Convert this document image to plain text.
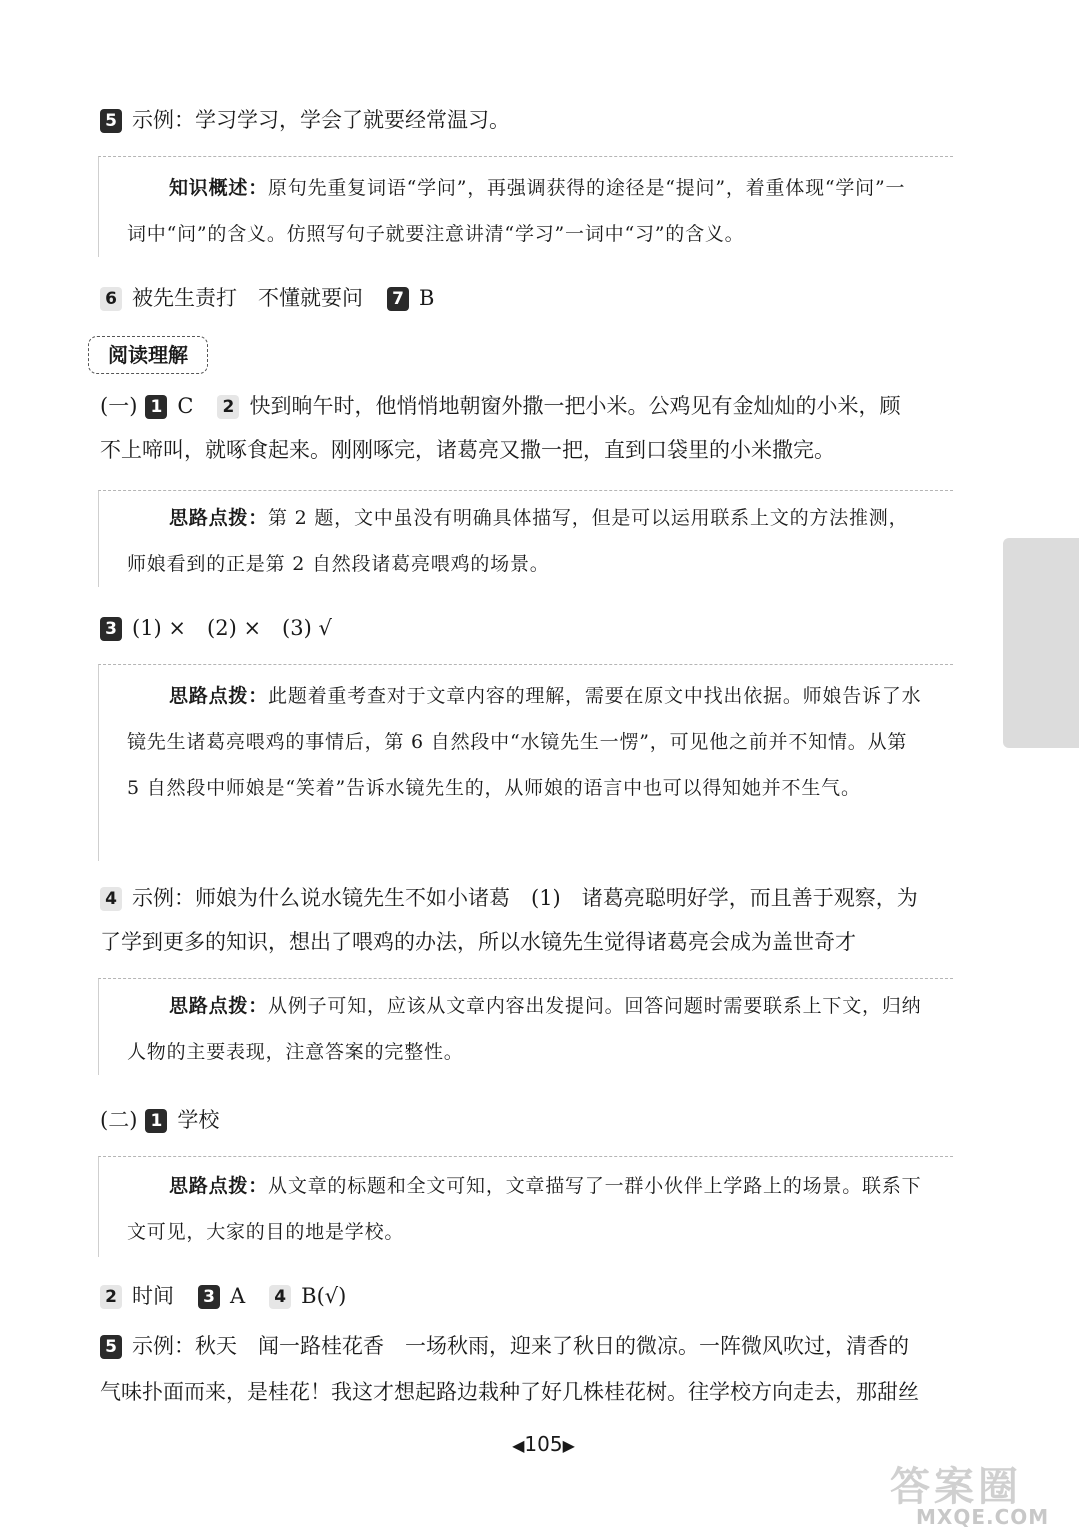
5 示例：学习学习，学会了就要经常温习。

知识概述：原句先重复词语“学问”，再强调获得的途径是“提问”，着重体现“学问”一词中“问”的含义。仿照写句子就要注意讲清“学习”一词中“习”的含义。

6 被先生责打　不懂就要问 7 B
阅读理解
(一) 1 C 2 快到晌午时，他悄悄地朝窗外撒一把小米。公鸡见有金灿灿的小米，顾
不上啼叫，就啄食起来。刚刚啄完，诸葛亮又撒一把，直到口袋里的小米撒完。

思路点拨：第 2 题，文中虽没有明确具体描写，但是可以运用联系上文的方法推测，师娘看到的正是第 2 自然段诸葛亮喂鸡的场景。

3 (1) ×　(2) ×　(3) √

思路点拨：此题着重考查对于文章内容的理解，需要在原文中找出依据。师娘告诉了水镜先生诸葛亮喂鸡的事情后，第 6 自然段中“水镜先生一愣”，可见他之前并不知情。从第 5 自然段中师娘是“笑着”告诉水镜先生的，从师娘的语言中也可以得知她并不生气。

4 示例：师娘为什么说水镜先生不如小诸葛　(1)　诸葛亮聪明好学，而且善于观察，为
了学到更多的知识，想出了喂鸡的办法，所以水镜先生觉得诸葛亮会成为盖世奇才

思路点拨：从例子可知，应该从文章内容出发提问。回答问题时需要联系上下文，归纳人物的主要表现，注意答案的完整性。

(二) 1 学校

思路点拨：从文章的标题和全文可知，文章描写了一群小伙伴上学路上的场景。联系下文可见，大家的目的地是学校。

2 时间 3 A 4 B(√)
5 示例：秋天　闻一路桂花香　一场秋雨，迎来了秋日的微凉。一阵微风吹过，清香的
气味扑面而来，是桂花！我这才想起路边栽种了好几株桂花树。往学校方向走去，那甜丝
◀105▶
答案圈
MXQE.COM
